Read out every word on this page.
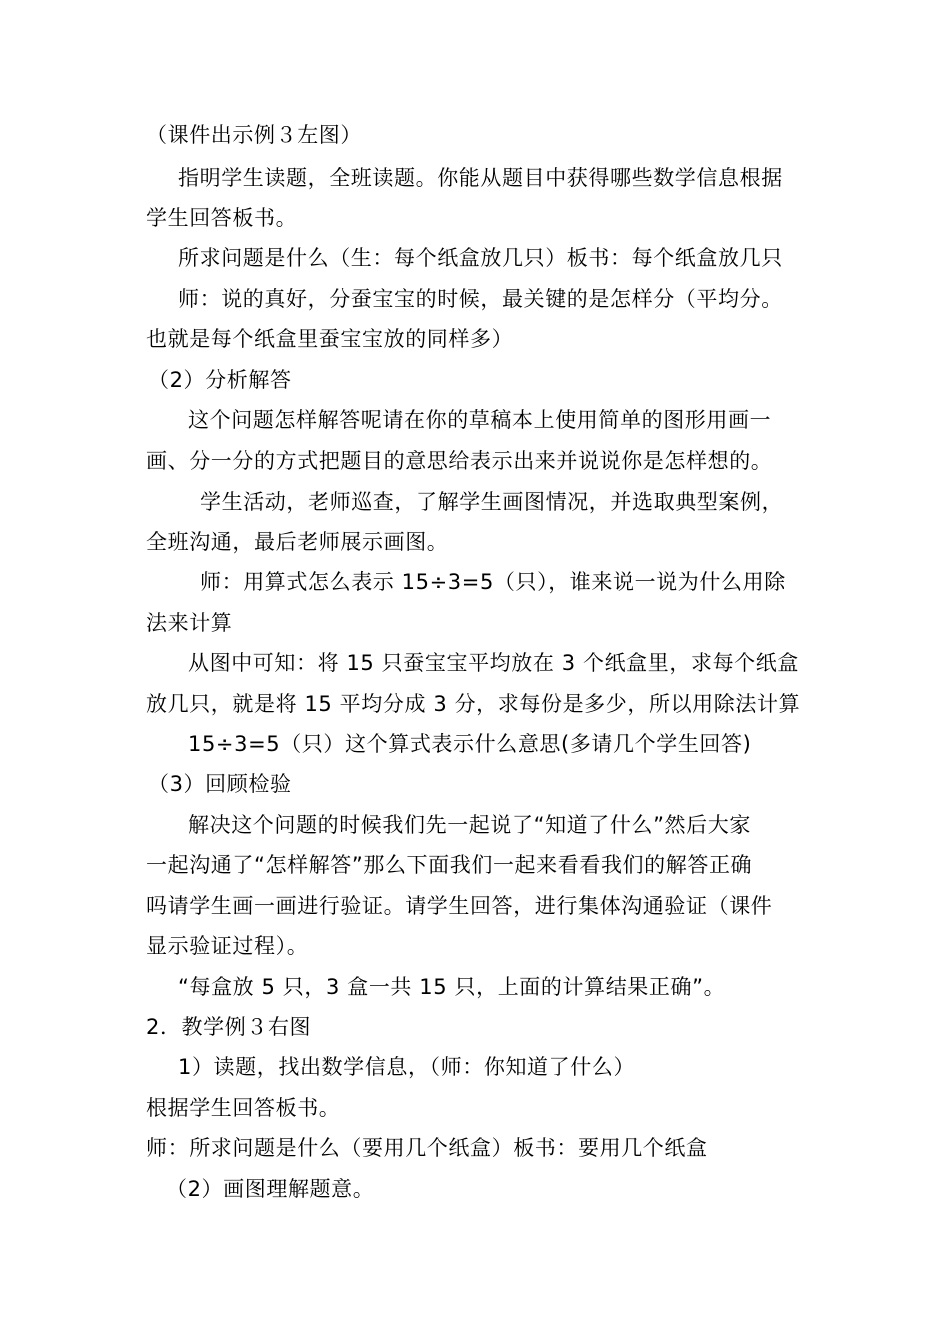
（课件出示例３左图）
指明学生读题，全班读题。你能从题目中获得哪些数学信息根据
学生回答板书。
所求问题是什么（生：每个纸盒放几只）板书：每个纸盒放几只
师：说的真好，分蚕宝宝的时候，最关键的是怎样分（平均分。
也就是每个纸盒里蚕宝宝放的同样多）
（2）分析解答
这个问题怎样解答呢请在你的草稿本上使用简单的图形用画一
画、分一分的方式把题目的意思给表示出来并说说你是怎样想的。
学生活动，老师巡查，了解学生画图情况，并选取典型案例，
全班沟通，最后老师展示画图。
师：用算式怎么表示 15÷3=5（只），谁来说一说为什么用除
法来计算
从图中可知：将 15 只蚕宝宝平均放在 3 个纸盒里，求每个纸盒
放几只，就是将 15 平均分成 3 分，求每份是多少，所以用除法计算
15÷3=5（只）这个算式表示什么意思(多请几个学生回答)
（3）回顾检验
解决这个问题的时候我们先一起说了“知道了什么”然后大家
一起沟通了“怎样解答”那么下面我们一起来看看我们的解答正确
吗请学生画一画进行验证。请学生回答，进行集体沟通验证（课件
显示验证过程）。
“每盒放 5 只，3 盒一共 15 只，上面的计算结果正确”。
2．教学例３右图
1）读题，找出数学信息，（师：你知道了什么）
根据学生回答板书。
师：所求问题是什么（要用几个纸盒）板书：要用几个纸盒
（2）画图理解题意。
